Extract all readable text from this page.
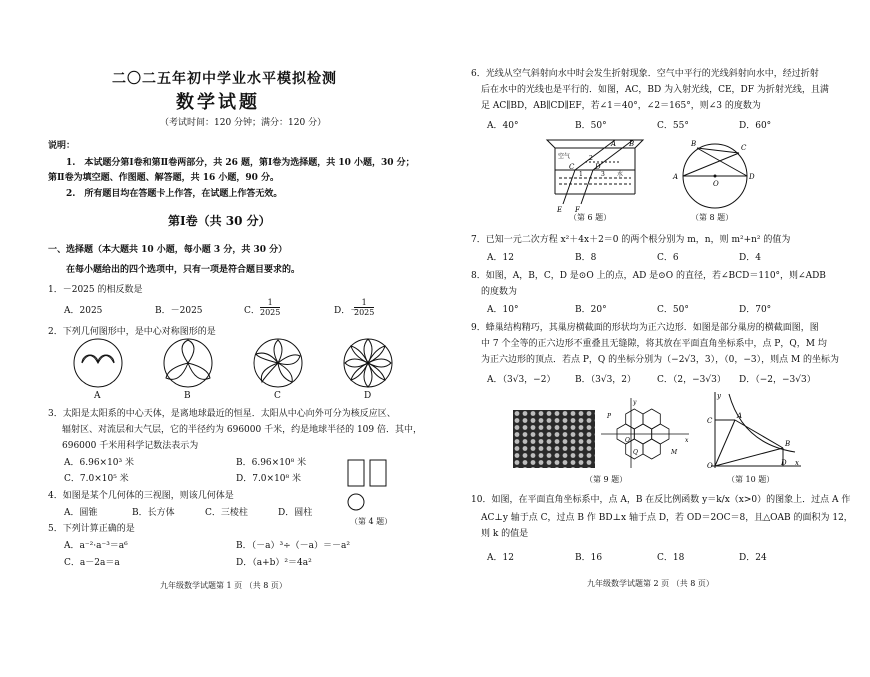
二〇二五年初中学业水平模拟检测
数学试题
（考试时间：120 分钟；满分：120 分）
说明：
1.　本试题分第Ⅰ卷和第Ⅱ卷两部分，共 26 题，第Ⅰ卷为选择题，共 10 小题，30 分；
第Ⅱ卷为填空题、作图题、解答题，共 16 小题，90 分。
2.　所有题目均在答题卡上作答，在试题上作答无效。
第Ⅰ卷（共 30 分）
一、选择题（本大题共 10 小题，每小题 3 分，共 30 分）
在每小题给出的四个选项中，只有一项是符合题目要求的。
1．－2025 的相反数是
A．2025	B．－2025	C． $\frac{1}{2025}$	D．－
$\frac{1}{2025}$
2．下列几何图形中，是中心对称图形的是
A	B	C	D
3．太阳是太阳系的中心天体，是离地球最近的恒星．太阳从中心向外可分为核反应区、
辐射区、对流层和大气层，它的半径约为 696000 千米，约是地球半径的 109 倍．其中，
696000 千米用科学记数法表示为
A．6.96×10³ 米	B．6.96×10⁸ 米
C．7.0×10⁵ 米	D．7.0×10⁸ 米
4．如图是某个几何体的三视图，则该几何体是
A．圆锥	B．长方体	C．三棱柱	D．圆柱
（第 4 题）
5．下列计算正确的是
A．a⁻²·a⁻³＝a⁶	B．（－a）³÷（－a）＝－a²
C．a－2a＝a	D．（a+b）²＝4a²
九年级数学试题第 1 页 （共 8 页）
6．光线从空气斜射向水中时会发生折射现象．空气中平行的光线斜射向水中，经过折射
后在水中的光线也是平行的．如图，AC，BD 为入射光线，CE，DF 为折射光线，且满
足 AC∥BD，AB∥CD∥EF，若∠1＝40°，∠2＝165°，则∠3 的度数为
A．40°	B．50°	C．55°	D．60°
A B
C	D
E F
1
2
3
空气
水
（第 6 题）
A
B	C
D
O
（第 8 题）
7．已知一元二次方程 x²＋4x＋2＝0 的两个根分别为 m，n，则 m²+n² 的值为
A．12	B．8	C．6	D．4
8．如图，A，B，C，D 是⊙O 上的点，AD 是⊙O 的直径，若∠BCD＝110°，则∠ADB
的度数为
A．10°	B．20°	C．50°	D．70°
9．蜂巢结构精巧，其巢房横截面的形状均为正六边形．如图是部分巢房的横截面图，图
中 7 个全等的正六边形不重叠且无缝隙，将其放在平面直角坐标系中，点 P，Q，M 均
为正六边形的顶点．若点 P，Q 的坐标分别为（−2√3，3），（0，−3），则点 M 的坐标为
A．（3√3，−2） B．（3√3，2） C．（2，−3√3） D．（−2，−3√3）
y
x
P
O
Q	M
（第 9 题）
y
C
A
B
O	D x
（第 10 题）
10．如图，在平面直角坐标系中，点 A，B 在反比例函数 y＝k/x（x>0）的图象上．过点 A 作
AC⊥y 轴于点 C，过点 B 作 BD⊥x 轴于点 D，若 OD＝2OC＝8，且△OAB 的面积为 12，
则 k 的值是
A．12	B．16	C．18	D．24
九年级数学试题第 2 页 （共 8 页）
